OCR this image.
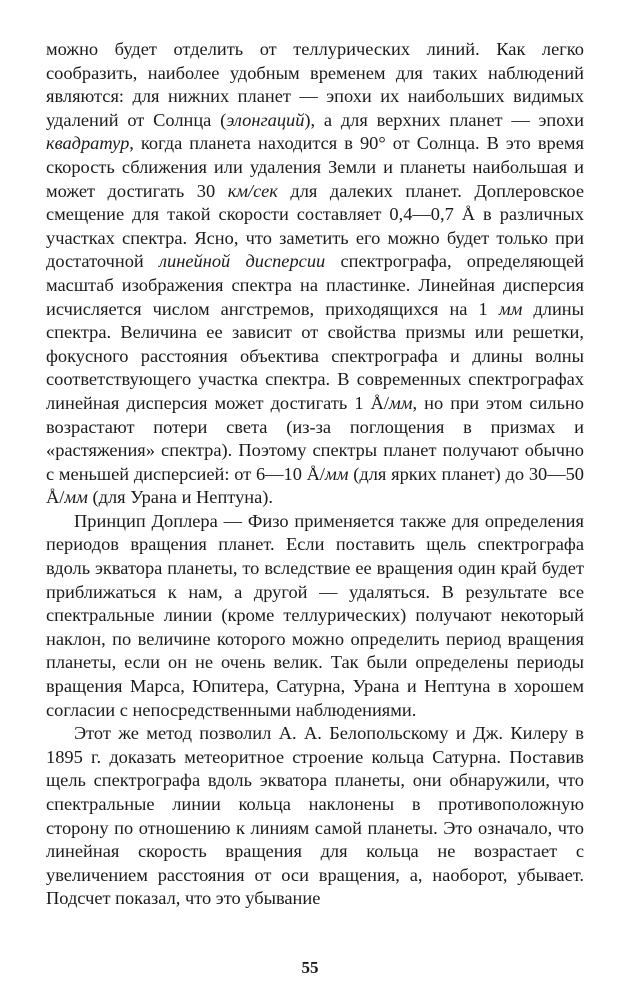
можно будет отделить от теллурических линий. Как легко сообразить, наиболее удобным временем для таких наблюдений являются: для нижних планет — эпохи их наибольших видимых удалений от Солнца (элонгаций), а для верхних планет — эпохи квадратур, когда планета находится в 90° от Солнца. В это время скорость сближения или удаления Земли и планеты наибольшая и может достигать 30 км/сек для далеких планет. Доплеровское смещение для такой скорости составляет 0,4—0,7 Å в различных участках спектра. Ясно, что заметить его можно будет только при достаточной линейной дисперсии спектрографа, определяющей масштаб изображения спектра на пластинке. Линейная дисперсия исчисляется числом ангстремов, приходящихся на 1 мм длины спектра. Величина ее зависит от свойства призмы или решетки, фокусного расстояния объектива спектрографа и длины волны соответствующего участка спектра. В современных спектрографах линейная дисперсия может достигать 1 Å/мм, но при этом сильно возрастают потери света (из-за поглощения в призмах и «растяжения» спектра). Поэтому спектры планет получают обычно с меньшей дисперсией: от 6—10 Å/мм (для ярких планет) до 30—50 Å/мм (для Урана и Нептуна).

Принцип Доплера — Физо применяется также для определения периодов вращения планет. Если поставить щель спектрографа вдоль экватора планеты, то вследствие ее вращения один край будет приближаться к нам, а другой — удаляться. В результате все спектральные линии (кроме теллурических) получают некоторый наклон, по величине которого можно определить период вращения планеты, если он не очень велик. Так были определены периоды вращения Марса, Юпитера, Сатурна, Урана и Нептуна в хорошем согласии с непосредственными наблюдениями.

Этот же метод позволил А. А. Белопольскому и Дж. Килеру в 1895 г. доказать метеоритное строение кольца Сатурна. Поставив щель спектрографа вдоль экватора планеты, они обнаружили, что спектральные линии кольца наклонены в противоположную сторону по отношению к линиям самой планеты. Это означало, что линейная скорость вращения для кольца не возрастает с увеличением расстояния от оси вращения, а, наоборот, убывает. Подсчет показал, что это убывание

55
